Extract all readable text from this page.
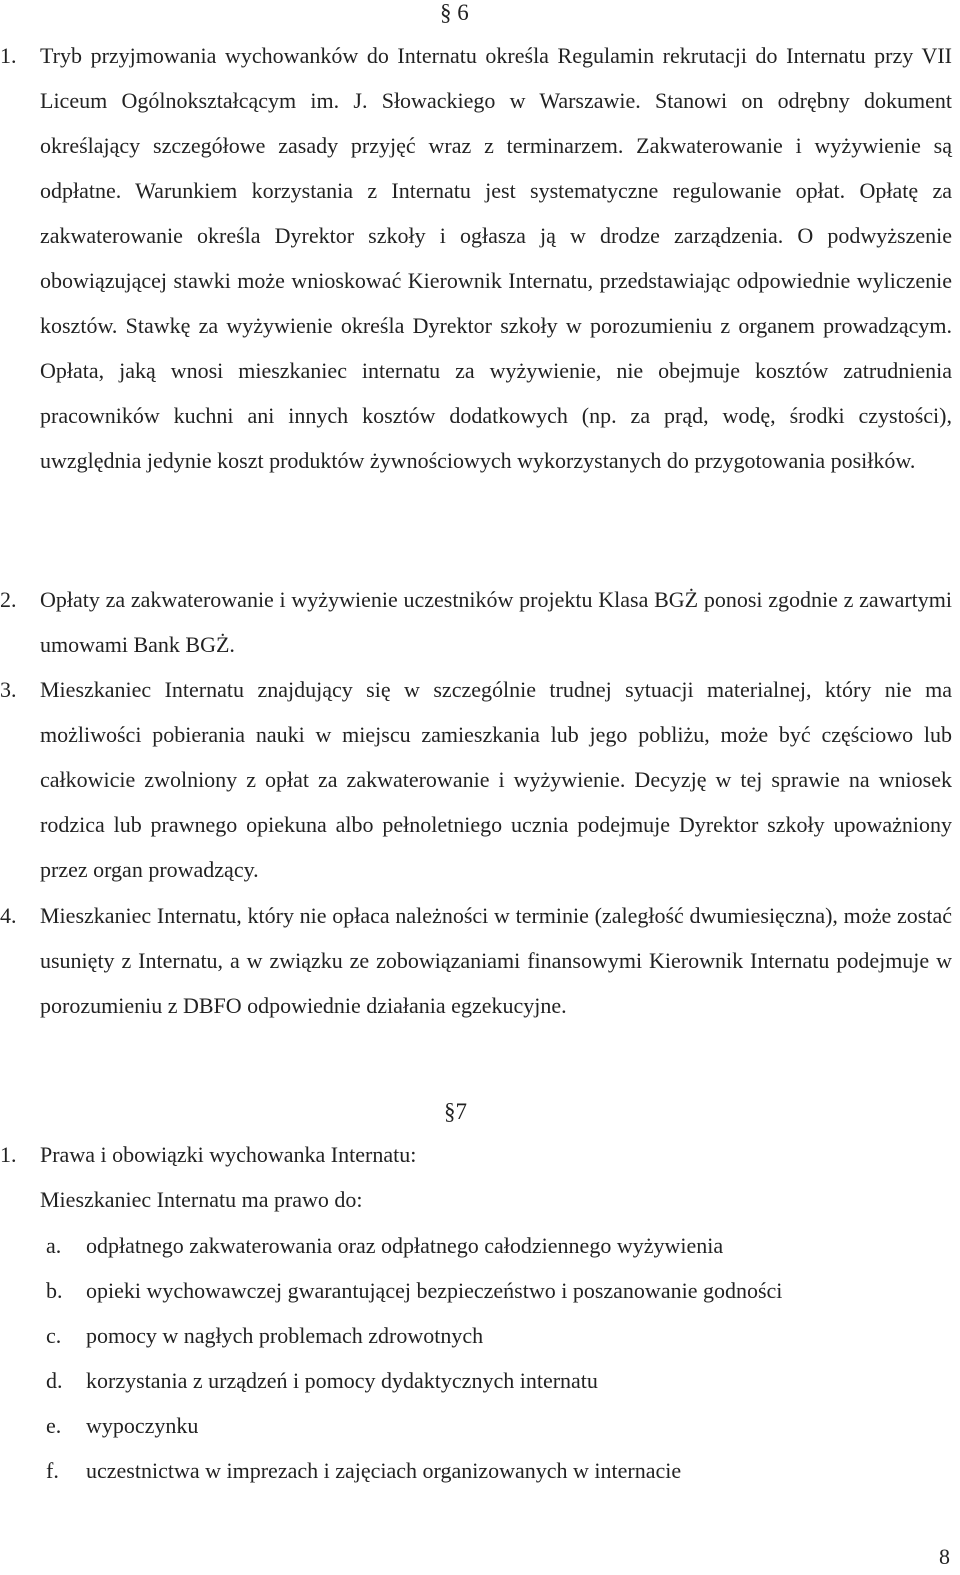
§ 6
1.	Tryb przyjmowania wychowanków do Internatu określa Regulamin rekrutacji do Internatu przy VII Liceum Ogólnokształcącym im. J. Słowackiego w Warszawie. Stanowi on odrębny dokument określający szczegółowe zasady przyjęć wraz z terminarzem. Zakwaterowanie i wyżywienie są odpłatne. Warunkiem korzystania z Internatu jest systematyczne regulowanie opłat. Opłatę za zakwaterowanie określa Dyrektor szkoły i ogłasza ją w drodze zarządzenia. O podwyższenie obowiązującej stawki może wnioskować Kierownik Internatu, przedstawiając odpowiednie wyliczenie kosztów. Stawkę za wyżywienie określa Dyrektor szkoły w porozumieniu z organem prowadzącym. Opłata, jaką wnosi mieszkaniec internatu za wyżywienie, nie obejmuje kosztów zatrudnienia pracowników kuchni ani innych kosztów dodatkowych (np. za prąd, wodę, środki czystości), uwzględnia jedynie koszt produktów żywnościowych wykorzystanych do przygotowania posiłków.
2.	Opłaty za zakwaterowanie i wyżywienie uczestników projektu Klasa BGŻ ponosi zgodnie z zawartymi umowami Bank BGŻ.
3.	Mieszkaniec Internatu znajdujący się w szczególnie trudnej sytuacji materialnej, który nie ma możliwości pobierania nauki w miejscu zamieszkania lub jego pobliżu, może być częściowo lub całkowicie zwolniony z opłat za zakwaterowanie i wyżywienie. Decyzję w tej sprawie na wniosek rodzica lub prawnego opiekuna albo pełnoletniego ucznia podejmuje Dyrektor szkoły upoważniony przez organ prowadzący.
4.	Mieszkaniec Internatu, który nie opłaca należności w terminie (zaległość dwumiesięczna), może zostać usunięty z Internatu, a w związku ze zobowiązaniami finansowymi Kierownik Internatu podejmuje w porozumieniu z DBFO odpowiednie działania egzekucyjne.
§7
1.	Prawa i obowiązki wychowanka Internatu:
Mieszkaniec Internatu ma prawo do:
a. odpłatnego zakwaterowania oraz odpłatnego całodziennego wyżywienia
b. opieki wychowawczej gwarantującej bezpieczeństwo i poszanowanie godności
c. pomocy w nagłych problemach zdrowotnych
d. korzystania z urządzeń i pomocy dydaktycznych internatu
e. wypoczynku
f. uczestnictwa w imprezach i zajęciach organizowanych w internacie
8
